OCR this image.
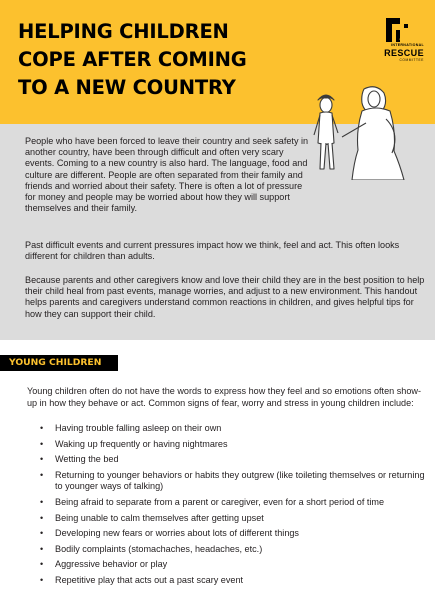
HELPING CHILDREN
COPE AFTER COMING
TO A NEW COUNTRY
INTERNATIONAL
RESCUE
COMMITTEE

People who have been forced to leave their country and seek safety in another country, have been through difficult and often very scary events. Coming to a new country is also hard. The language, food and culture are different. People are often separated from their family and friends and worried about their safety. There is often a lot of pressure for money and people may be worried about how they will support themselves and their family.

Past difficult events and current pressures impact how we think, feel and act. This often looks different for children than adults.

Because parents and other caregivers know and love their child they are in the best position to help their child heal from past events, manage worries, and adjust to a new environment. This handout helps parents and caregivers understand common reactions in children, and gives helpful tips for how they can support their child.

YOUNG CHILDREN

Young children often do not have the words to express how they feel and so emotions often show-up in how they behave or act. Common signs of fear, worry and stress in young children include:

• Having trouble falling asleep on their own
• Waking up frequently or having nightmares
• Wetting the bed
• Returning to younger behaviors or habits they outgrew (like toileting themselves or returning to younger ways of talking)
• Being afraid to separate from a parent or caregiver, even for a short period of time
• Being unable to calm themselves after getting upset
• Developing new fears or worries about lots of different things
• Bodily complaints (stomachaches, headaches, etc.)
• Aggressive behavior or play
• Repetitive play that acts out a past scary event
